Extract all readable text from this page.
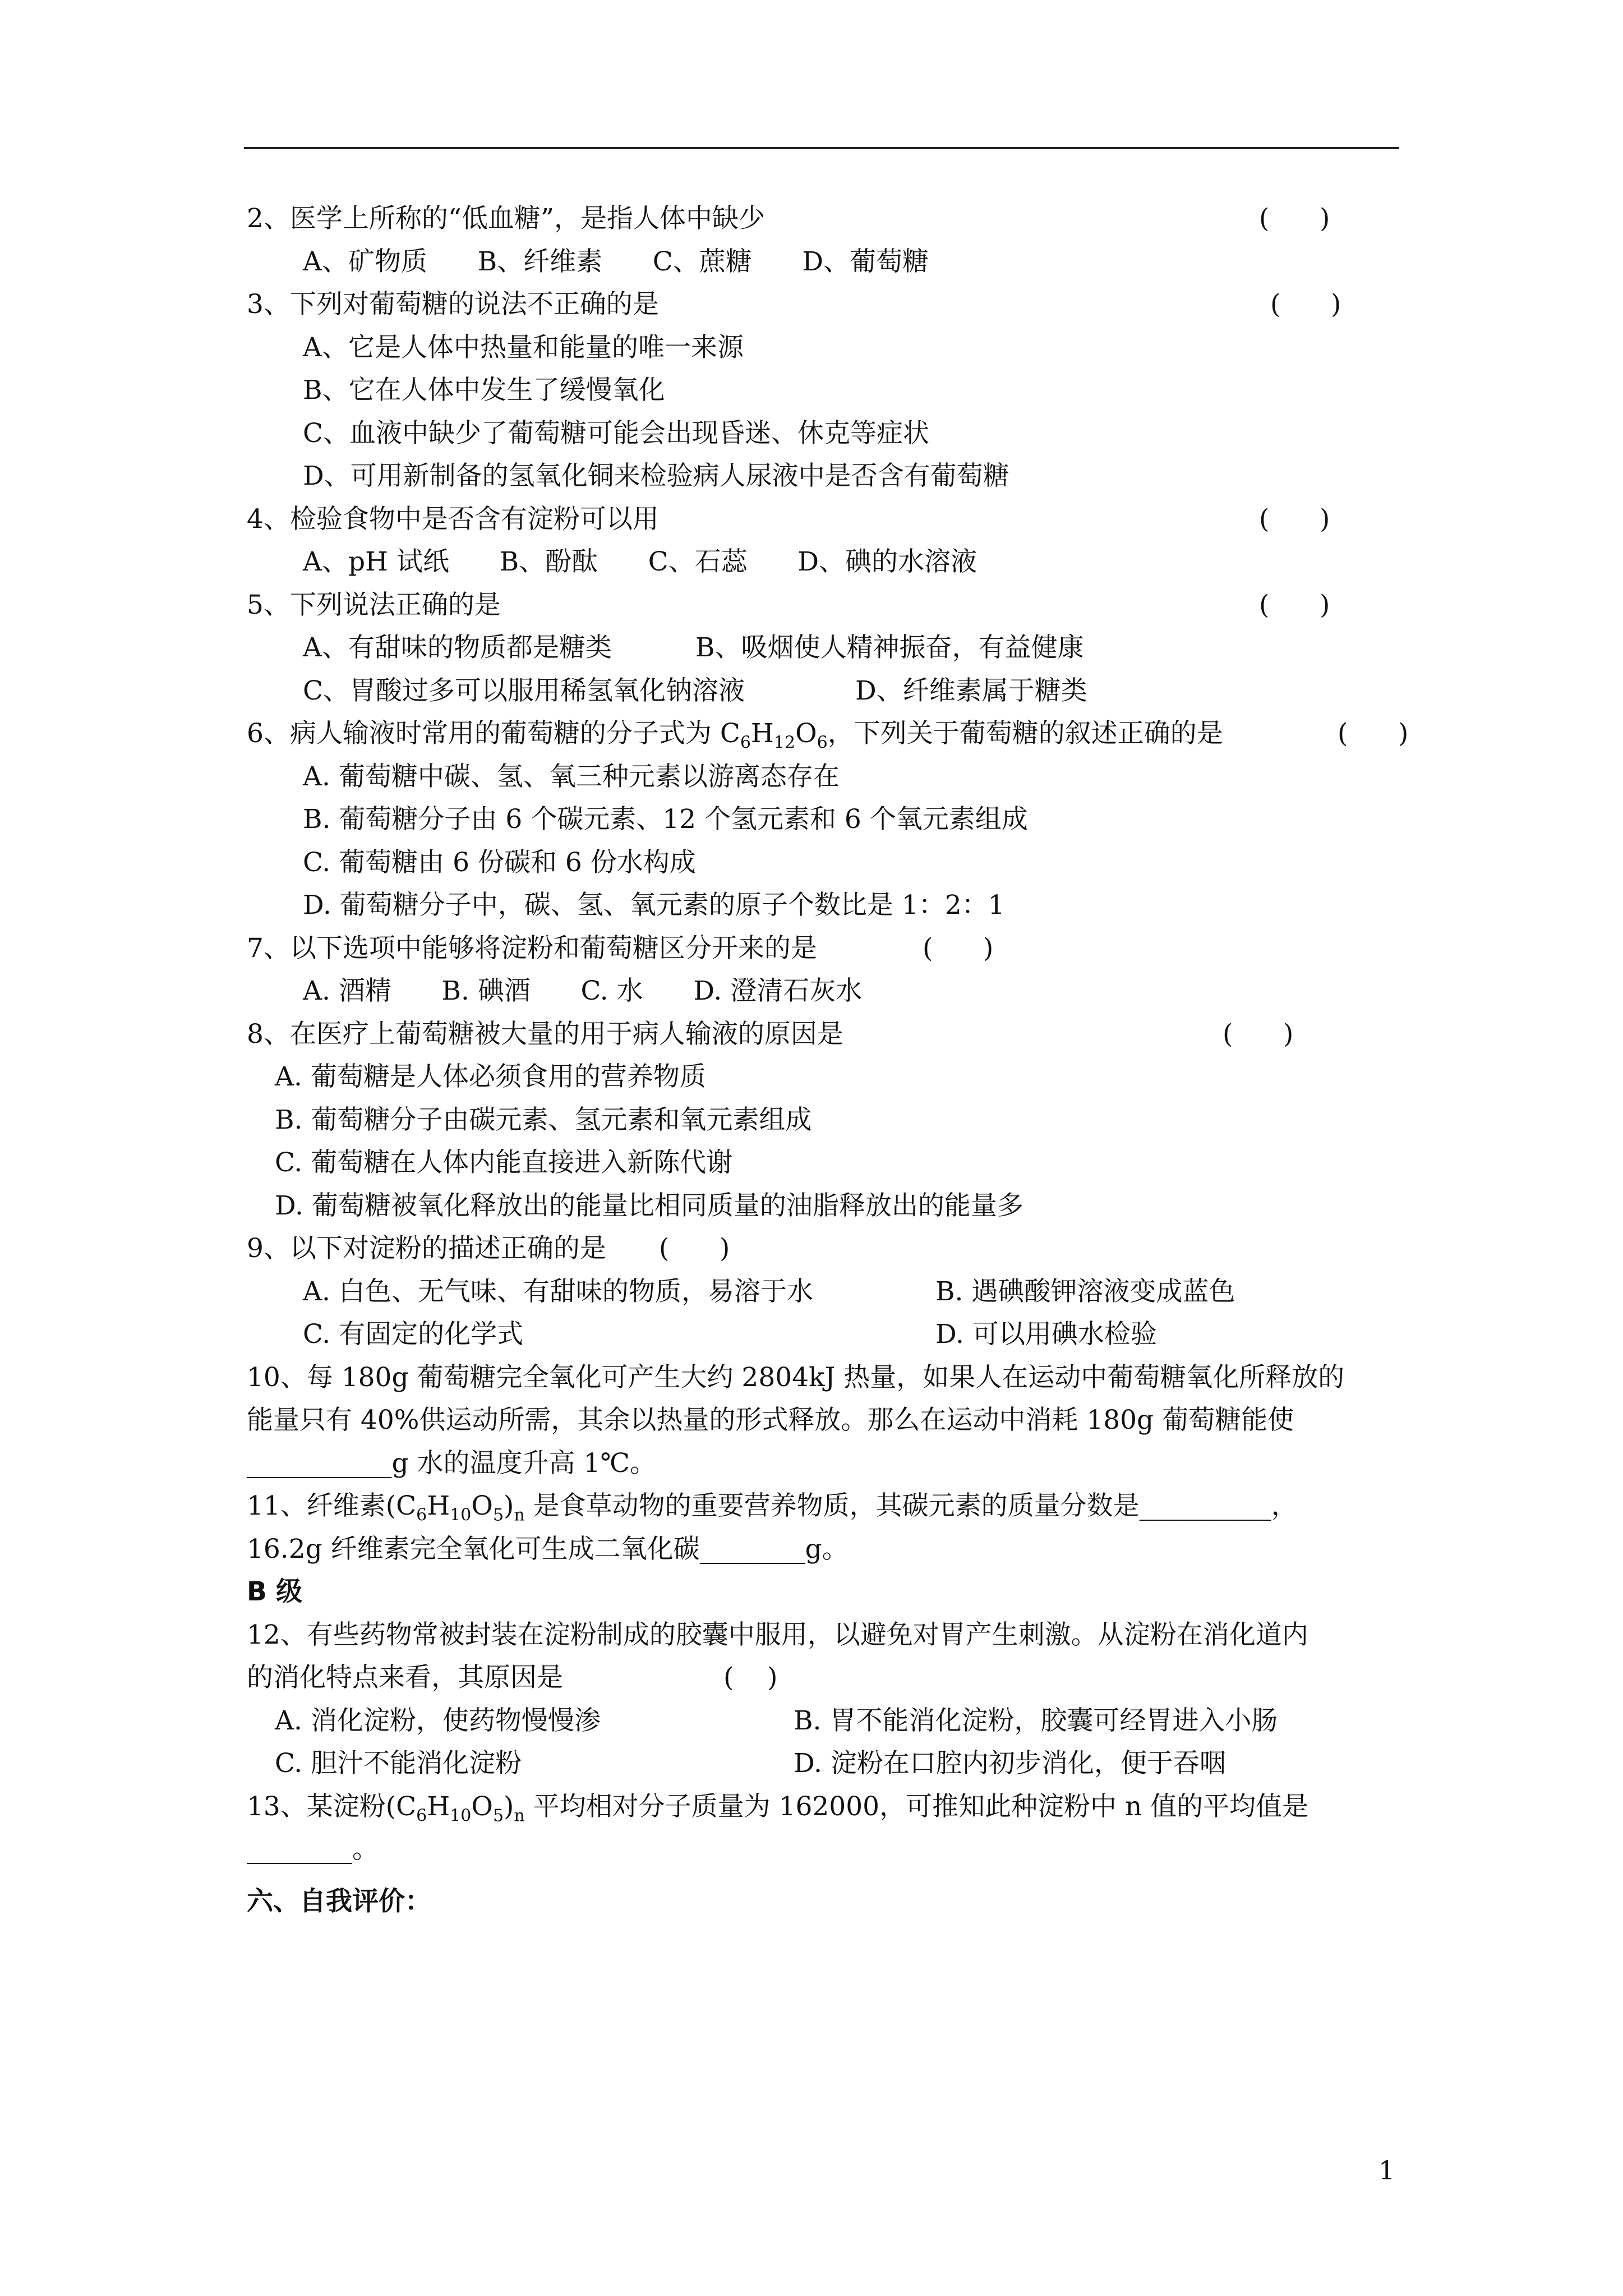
2、医学上所称的“低血糖”，是指人体中缺少	(      )
A、矿物质      B、纤维素      C、蔗糖      D、葡萄糖
3、下列对葡萄糖的说法不正确的是	(      )
A、它是人体中热量和能量的唯一来源
B、它在人体中发生了缓慢氧化
C、血液中缺少了葡萄糖可能会出现昏迷、休克等症状
D、可用新制备的氢氧化铜来检验病人尿液中是否含有葡萄糖
4、检验食物中是否含有淀粉可以用	(      )
A、pH 试纸      B、酚酞      C、石蕊      D、碘的水溶液
5、下列说法正确的是	(      )
A、有甜味的物质都是糖类	B、吸烟使人精神振奋，有益健康
C、胃酸过多可以服用稀氢氧化钠溶液	D、纤维素属于糖类
6、病人输液时常用的葡萄糖的分子式为 $C_6H_{12}O_6$，下列关于葡萄糖的叙述正确的是	(      )
A. 葡萄糖中碳、氢、氧三种元素以游离态存在
B. 葡萄糖分子由 6 个碳元素、12 个氢元素和 6 个氧元素组成
C. 葡萄糖由 6 份碳和 6 份水构成
D. 葡萄糖分子中，碳、氢、氧元素的原子个数比是 1：2：1
7、以下选项中能够将淀粉和葡萄糖区分开来的是	(      )
A. 酒精      B. 碘酒      C. 水      D. 澄清石灰水
8、在医疗上葡萄糖被大量的用于病人输液的原因是	(      )
A. 葡萄糖是人体必须食用的营养物质
B. 葡萄糖分子由碳元素、氢元素和氧元素组成
C. 葡萄糖在人体内能直接进入新陈代谢
D. 葡萄糖被氧化释放出的能量比相同质量的油脂释放出的能量多
9、以下对淀粉的描述正确的是 (      )
A. 白色、无气味、有甜味的物质，易溶于水	B. 遇碘酸钾溶液变成蓝色
C. 有固定的化学式	D. 可以用碘水检验
10、每 180g 葡萄糖完全氧化可产生大约 2804kJ 热量，如果人在运动中葡萄糖氧化所释放的
能量只有 40%供运动所需，其余以热量的形式释放。那么在运动中消耗 180g 葡萄糖能使
___________g 水的温度升高 1℃。
11、纤维素$(C_6H_{10}O_5)_n$ 是食草动物的重要营养物质，其碳元素的质量分数是__________，
16.2g 纤维素完全氧化可生成二氧化碳________g。
B 级
12、有些药物常被封装在淀粉制成的胶囊中服用，以避免对胃产生刺激。从淀粉在消化道内
的消化特点来看，其原因是	(    )
A. 消化淀粉，使药物慢慢渗	B. 胃不能消化淀粉，胶囊可经胃进入小肠
C. 胆汁不能消化淀粉	D. 淀粉在口腔内初步消化，便于吞咽
13、某淀粉$(C_6H_{10}O_5)_n$ 平均相对分子质量为 162000，可推知此种淀粉中 n 值的平均值是
________。
六、自我评价：
1
